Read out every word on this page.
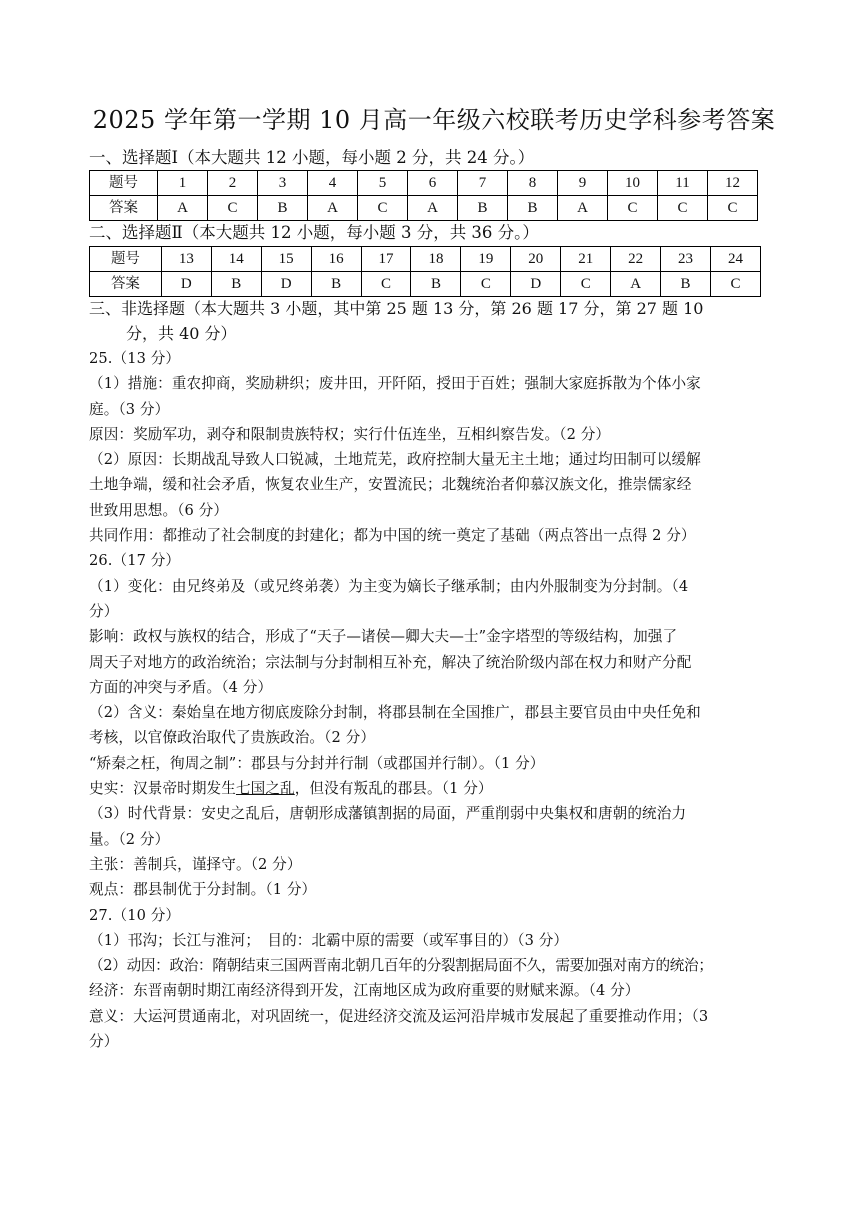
2025 学年第一学期 10 月高一年级六校联考历史学科参考答案
一、选择题Ⅰ（本大题共 12 小题，每小题 2 分，共 24 分。）
题号	1	2	3	4	5	6	7	8	9	10	11	12
答案	A	C	B	A	C	A	B	B	A	C	C	C
二、选择题Ⅱ（本大题共 12 小题，每小题 3 分，共 36 分。）
题号	13	14	15	16	17	18	19	20	21	22	23	24
答案	D	B	D	B	C	B	C	D	C	A	B	C
三、非选择题（本大题共 3 小题，其中第 25 题 13 分，第 26 题 17 分，第 27 题 10
分，共 40 分）
25.（13 分）
（1）措施：重农抑商，奖励耕织；废井田，开阡陌，授田于百姓；强制大家庭拆散为个体小家
庭。（3 分）
原因：奖励军功，剥夺和限制贵族特权；实行什伍连坐，互相纠察告发。（2 分）
（2）原因：长期战乱导致人口锐减，土地荒芜，政府控制大量无主土地；通过均田制可以缓解
土地争端，缓和社会矛盾，恢复农业生产，安置流民；北魏统治者仰慕汉族文化，推崇儒家经
世致用思想。（6 分）
共同作用：都推动了社会制度的封建化；都为中国的统一奠定了基础（两点答出一点得 2 分）
26.（17 分）
（1）变化：由兄终弟及（或兄终弟袭）为主变为嫡长子继承制；由内外服制变为分封制。（4
分）
影响：政权与族权的结合，形成了“天子—诸侯—卿大夫—士”金字塔型的等级结构，加强了
周天子对地方的政治统治；宗法制与分封制相互补充，解决了统治阶级内部在权力和财产分配
方面的冲突与矛盾。（4 分）
（2）含义：秦始皇在地方彻底废除分封制，将郡县制在全国推广，郡县主要官员由中央任免和
考核，以官僚政治取代了贵族政治。（2 分）
“矫秦之枉，徇周之制”：郡县与分封并行制（或郡国并行制）。（1 分）
史实：汉景帝时期发生七国之乱，但没有叛乱的郡县。（1 分）
（3）时代背景：安史之乱后，唐朝形成藩镇割据的局面，严重削弱中央集权和唐朝的统治力
量。（2 分）
主张：善制兵，谨择守。（2 分）
观点：郡县制优于分封制。（1 分）
27.（10 分）
（1）邗沟；长江与淮河；　目的：北霸中原的需要（或军事目的）（3 分）
（2）动因：政治：隋朝结束三国两晋南北朝几百年的分裂割据局面不久，需要加强对南方的统治；
经济：东晋南朝时期江南经济得到开发，江南地区成为政府重要的财赋来源。（4 分）
意义：大运河贯通南北，对巩固统一，促进经济交流及运河沿岸城市发展起了重要推动作用；（3
分）
